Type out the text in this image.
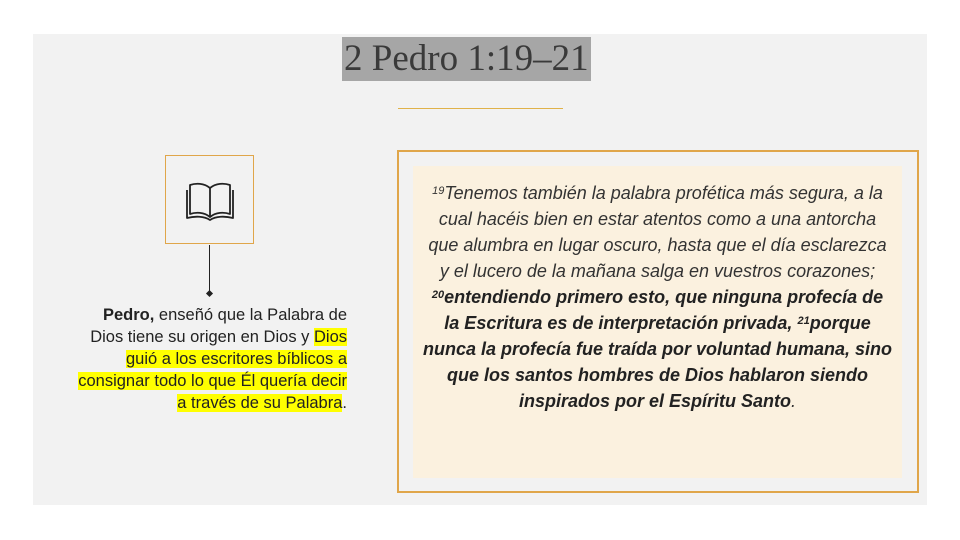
2 Pedro 1:19–21
Pedro, enseñó que la Palabra de Dios tiene su origen en Dios y Dios guió a los escritores bíblicos a consignar todo lo que Él quería decir a través de su Palabra.
$^{19}$Tenemos también la palabra profética más segura, a la cual hacéis bien en estar atentos como a una antorcha que alumbra en lugar oscuro, hasta que el día esclarezca y el lucero de la mañana salga en vuestros corazones;
$^{20}$entendiendo primero esto, que ninguna profecía de la Escritura es de interpretación privada, $^{21}$porque nunca la profecía fue traída por voluntad humana, sino que los santos hombres de Dios hablaron siendo inspirados por el Espíritu Santo.
